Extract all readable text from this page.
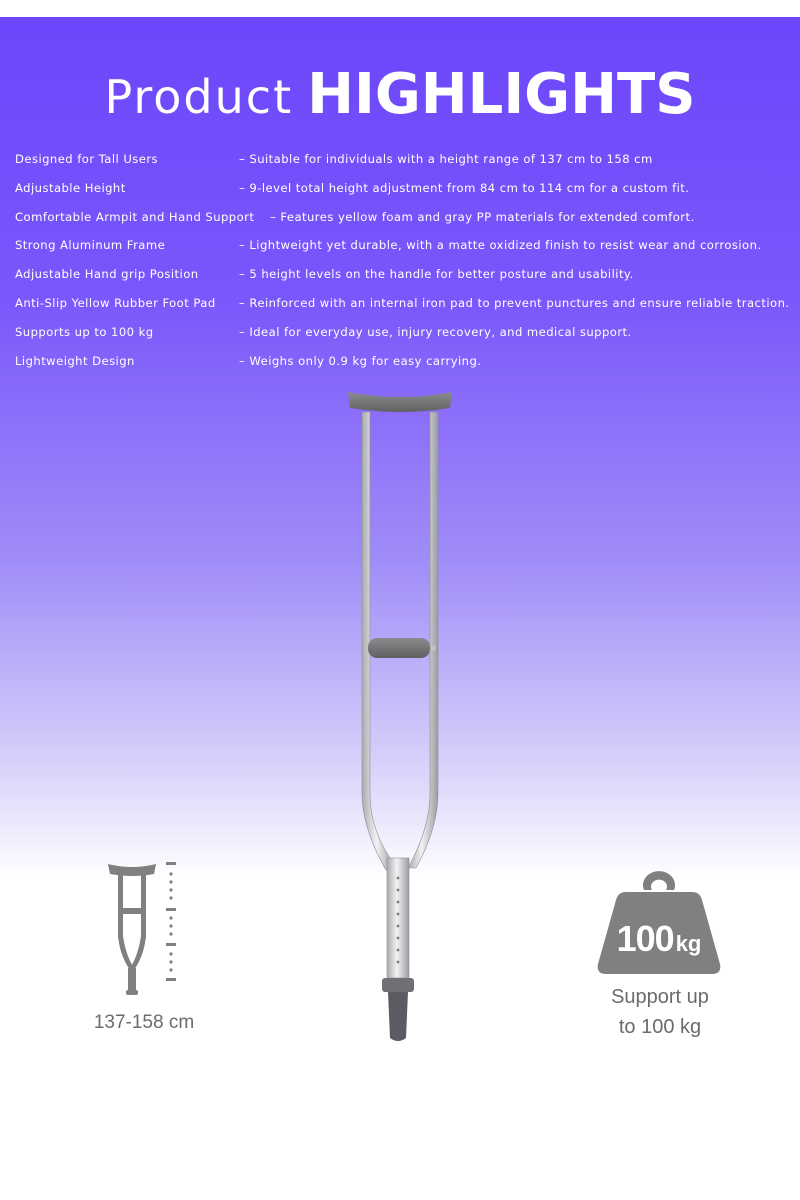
Product HIGHLIGHTS
Designed for Tall Users	– Suitable for individuals with a height range of 137 cm to 158 cm
Adjustable Height	– 9-level total height adjustment from 84 cm to 114 cm for a custom fit.
Comfortable Armpit and Hand Support – Features yellow foam and gray PP materials for extended comfort.
Strong Aluminum Frame	– Lightweight yet durable, with a matte oxidized finish to resist wear and corrosion.
Adjustable Hand grip Position	– 5 height levels on the handle for better posture and usability.
Anti-Slip Yellow Rubber Foot Pad – Reinforced with an internal iron pad to prevent punctures and ensure reliable traction.
Supports up to 100 kg	– Ideal for everyday use, injury recovery, and medical support.
Lightweight Design	– Weighs only 0.9 kg for easy carrying.
137-158 cm
100kg
Support up
to 100 kg
